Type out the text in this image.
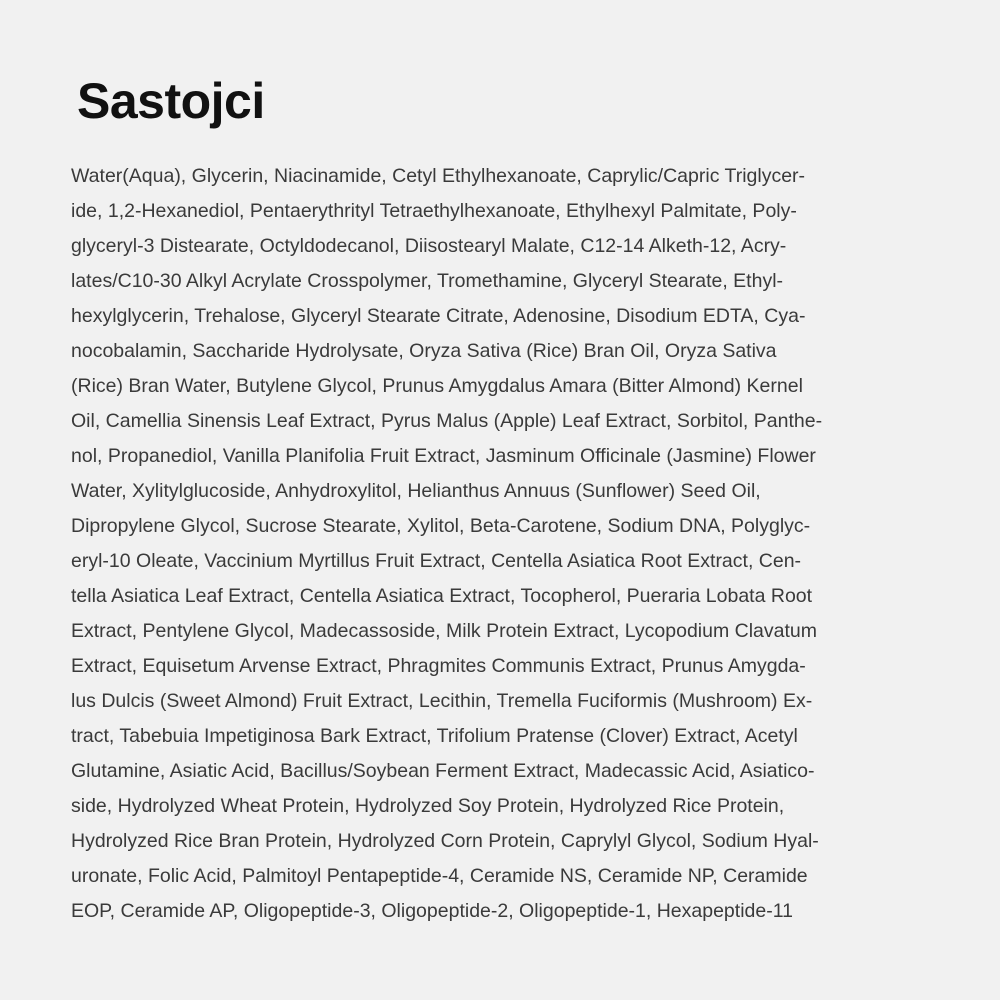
Sastojci
Water(Aqua), Glycerin, Niacinamide, Cetyl Ethylhexanoate, Caprylic/Capric Triglycer-
ide, 1,2-Hexanediol, Pentaerythrityl Tetraethylhexanoate, Ethylhexyl Palmitate, Poly-
glyceryl-3 Distearate, Octyldodecanol, Diisostearyl Malate, C12-14 Alketh-12, Acry-
lates/C10-30 Alkyl Acrylate Crosspolymer, Tromethamine, Glyceryl Stearate, Ethyl-
hexylglycerin, Trehalose, Glyceryl Stearate Citrate, Adenosine, Disodium EDTA, Cya-
nocobalamin, Saccharide Hydrolysate, Oryza Sativa (Rice) Bran Oil, Oryza Sativa
(Rice) Bran Water, Butylene Glycol, Prunus Amygdalus Amara (Bitter Almond) Kernel
Oil, Camellia Sinensis Leaf Extract, Pyrus Malus (Apple) Leaf Extract, Sorbitol, Panthe-
nol, Propanediol, Vanilla Planifolia Fruit Extract, Jasminum Officinale (Jasmine) Flower
Water, Xylitylglucoside, Anhydroxylitol, Helianthus Annuus (Sunflower) Seed Oil,
Dipropylene Glycol, Sucrose Stearate, Xylitol, Beta-Carotene, Sodium DNA, Polyglyc-
eryl-10 Oleate, Vaccinium Myrtillus Fruit Extract, Centella Asiatica Root Extract, Cen-
tella Asiatica Leaf Extract, Centella Asiatica Extract, Tocopherol, Pueraria Lobata Root
Extract, Pentylene Glycol, Madecassoside, Milk Protein Extract, Lycopodium Clavatum
Extract, Equisetum Arvense Extract, Phragmites Communis Extract, Prunus Amygda-
lus Dulcis (Sweet Almond) Fruit Extract, Lecithin, Tremella Fuciformis (Mushroom) Ex-
tract, Tabebuia Impetiginosa Bark Extract, Trifolium Pratense (Clover) Extract, Acetyl
Glutamine, Asiatic Acid, Bacillus/Soybean Ferment Extract, Madecassic Acid, Asiatico-
side, Hydrolyzed Wheat Protein, Hydrolyzed Soy Protein, Hydrolyzed Rice Protein,
Hydrolyzed Rice Bran Protein, Hydrolyzed Corn Protein, Caprylyl Glycol, Sodium Hyal-
uronate, Folic Acid, Palmitoyl Pentapeptide-4, Ceramide NS, Ceramide NP, Ceramide
EOP, Ceramide AP, Oligopeptide-3, Oligopeptide-2, Oligopeptide-1, Hexapeptide-11
